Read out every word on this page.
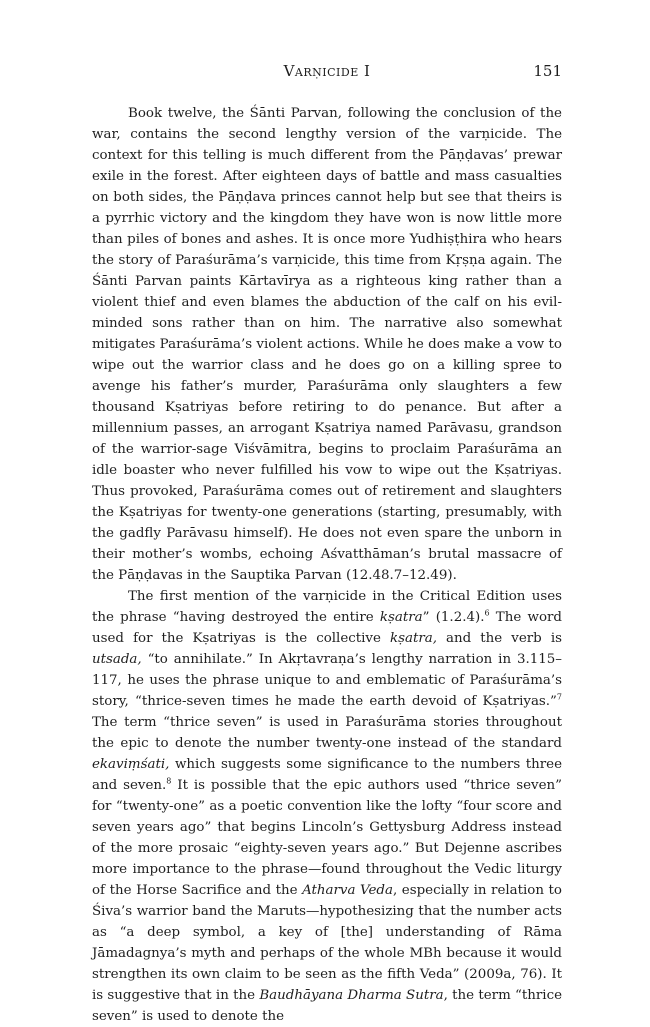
Varṇicide I	151

Book twelve, the Śānti Parvan, following the conclusion of the war, contains the second lengthy version of the varṇicide. The context for this telling is much different from the Pāṇḍavas’ prewar exile in the forest. After eighteen days of battle and mass casualties on both sides, the Pāṇḍava princes cannot help but see that theirs is a pyrrhic victory and the kingdom they have won is now little more than piles of bones and ashes. It is once more Yudhiṣṭhira who hears the story of Paraśurāma’s varṇicide, this time from Kṛṣṇa again. The Śānti Parvan paints Kārtavīrya as a righteous king rather than a violent thief and even blames the abduction of the calf on his evil-minded sons rather than on him. The narrative also somewhat mitigates Paraśurāma’s violent actions. While he does make a vow to wipe out the warrior class and he does go on a killing spree to avenge his father’s murder, Paraśurāma only slaughters a few thousand Kṣatriyas before retiring to do penance. But after a millennium passes, an arrogant Kṣatriya named Parāvasu, grandson of the warrior-sage Viśvāmitra, begins to proclaim Paraśurāma an idle boaster who never fulfilled his vow to wipe out the Kṣatriyas. Thus provoked, Paraśurāma comes out of retirement and slaughters the Kṣatriyas for twenty-one generations (starting, presumably, with the gadfly Parāvasu himself). He does not even spare the unborn in their mother’s wombs, echoing Aśvatthāman’s brutal massacre of the Pāṇḍavas in the Sauptika Parvan (12.48.7–12.49).

The first mention of the varṇicide in the Critical Edition uses the phrase “having destroyed the entire kṣatra” (1.2.4).$^6$ The word used for the Kṣatriyas is the collective kṣatra, and the verb is utsada, “to annihilate.” In Akṛtavraṇa’s lengthy narration in 3.115–117, he uses the phrase unique to and emblematic of Paraśurāma’s story, “thrice-seven times he made the earth devoid of Kṣatriyas.”$^7$ The term “thrice seven” is used in Paraśurāma stories throughout the epic to denote the number twenty-one instead of the standard ekaviṃśati, which suggests some significance to the numbers three and seven.$^8$ It is possible that the epic authors used “thrice seven” for “twenty-one” as a poetic convention like the lofty “four score and seven years ago” that begins Lincoln’s Gettysburg Address instead of the more prosaic “eighty-seven years ago.” But Dejenne ascribes more importance to the phrase—found throughout the Vedic liturgy of the Horse Sacrifice and the Atharva Veda, especially in relation to Śiva’s warrior band the Maruts—hypothesizing that the number acts as “a deep symbol, a key of [the] understanding of Rāma Jāmadagnya’s myth and perhaps of the whole MBh because it would strengthen its own claim to be seen as the fifth Veda” (2009a, 76). It is suggestive that in the Baudhāyana Dharma Sutra, the term “thrice seven” is used to denote the
